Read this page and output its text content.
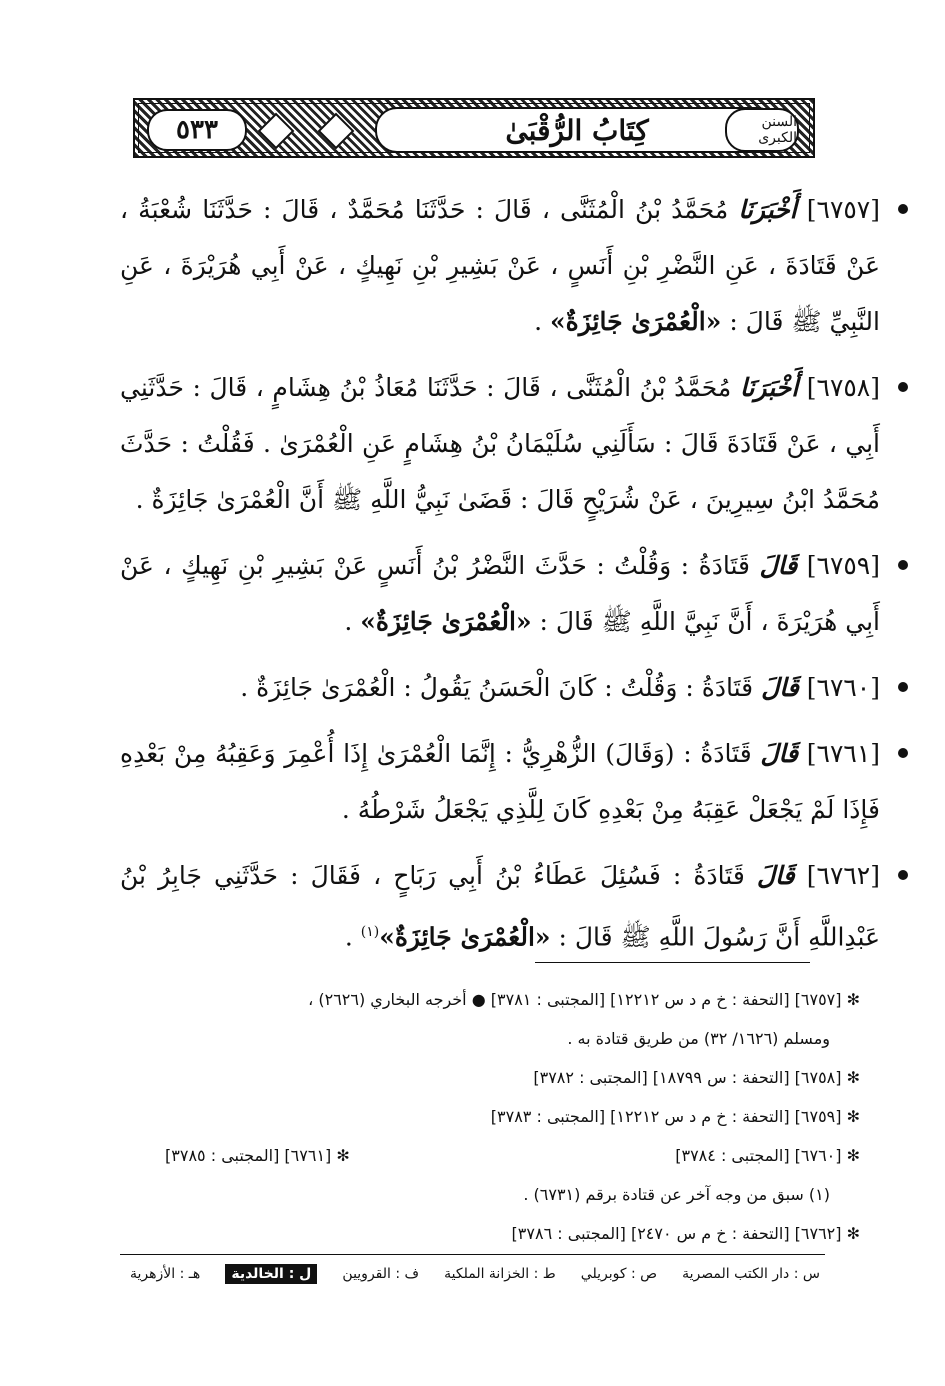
٥٣٣	كِتَابُ الرُّقْبَىٰ	السنن الكبرى
[٦٧٥٧] أَخْبَرَنَا مُحَمَّدُ بْنُ الْمُثَنَّى ، قَالَ : حَدَّثَنَا مُحَمَّدٌ ، قَالَ : حَدَّثَنَا شُعْبَةُ ، عَنْ قَتَادَةَ ، عَنِ النَّضْرِ بْنِ أَنَسٍ ، عَنْ بَشِيرِ بْنِ نَهِيكٍ ، عَنْ أَبِي هُرَيْرَةَ ، عَنِ النَّبِيِّ ﷺ قَالَ : «الْعُمْرَىٰ جَائِزَةٌ» .
[٦٧٥٨] أَخْبَرَنَا مُحَمَّدُ بْنُ الْمُثَنَّى ، قَالَ : حَدَّثَنَا مُعَاذُ بْنُ هِشَامٍ ، قَالَ : حَدَّثَنِي أَبِي ، عَنْ قَتَادَةَ قَالَ : سَأَلَنِي سُلَيْمَانُ بْنُ هِشَامٍ عَنِ الْعُمْرَىٰ . فَقُلْتُ : حَدَّثَ مُحَمَّدُ ابْنُ سِيرِينَ ، عَنْ شُرَيْحٍ قَالَ : قَضَىٰ نَبِيُّ اللَّهِ ﷺ أَنَّ الْعُمْرَىٰ جَائِزَةٌ .
[٦٧٥٩] قَالَ قَتَادَةُ : وَقُلْتُ : حَدَّثَ النَّضْرُ بْنُ أَنَسٍ عَنْ بَشِيرِ بْنِ نَهِيكٍ ، عَنْ أَبِي هُرَيْرَةَ ، أَنَّ نَبِيَّ اللَّهِ ﷺ قَالَ : «الْعُمْرَىٰ جَائِزَةٌ» .
[٦٧٦٠] قَالَ قَتَادَةُ : وَقُلْتُ : كَانَ الْحَسَنُ يَقُولُ : الْعُمْرَىٰ جَائِزَةٌ .
[٦٧٦١] قَالَ قَتَادَةُ : (وَقَالَ) الزُّهْرِيُّ : إِنَّمَا الْعُمْرَىٰ إِذَا أُعْمِرَ وَعَقِبُهُ مِنْ بَعْدِهِ فَإِذَا لَمْ يَجْعَلْ عَقِبَهُ مِنْ بَعْدِهِ كَانَ لِلَّذِي يَجْعَلُ شَرْطُهُ .
[٦٧٦٢] قَالَ قَتَادَةُ : فَسُئِلَ عَطَاءُ بْنُ أَبِي رَبَاحٍ ، فَقَالَ : حَدَّثَنِي جَابِرُ بْنُ عَبْدِاللَّهِ أَنَّ رَسُولَ اللَّهِ ﷺ قَالَ : «الْعُمْرَىٰ جَائِزَةٌ»$^{(١)}$ .
✻ [٦٧٥٧] [التحفة : خ م د س ١٢٢١٢] [المجتبى : ٣٧٨١] ● أخرجه البخاري (٢٦٢٦) ،
ومسلم (١٦٢٦/ ٣٢) من طريق قتادة به .
✻ [٦٧٥٨] [التحفة : س ١٨٧٩٩] [المجتبى : ٣٧٨٢]
✻ [٦٧٥٩] [التحفة : خ م د س ١٢٢١٢] [المجتبى : ٣٧٨٣]
✻ [٦٧٦٠] [المجتبى : ٣٧٨٤]
✻ [٦٧٦١] [المجتبى : ٣٧٨٥]
(١) سبق من وجه آخر عن قتادة برقم (٦٧٣١) .
✻ [٦٧٦٢] [التحفة : خ م س ٢٤٧٠] [المجتبى : ٣٧٨٦]
س : دار الكتب المصرية
ص : كوبريلي
ط : الخزانة الملكية
ف : القرويين
ل : الخالدية
هـ : الأزهرية
